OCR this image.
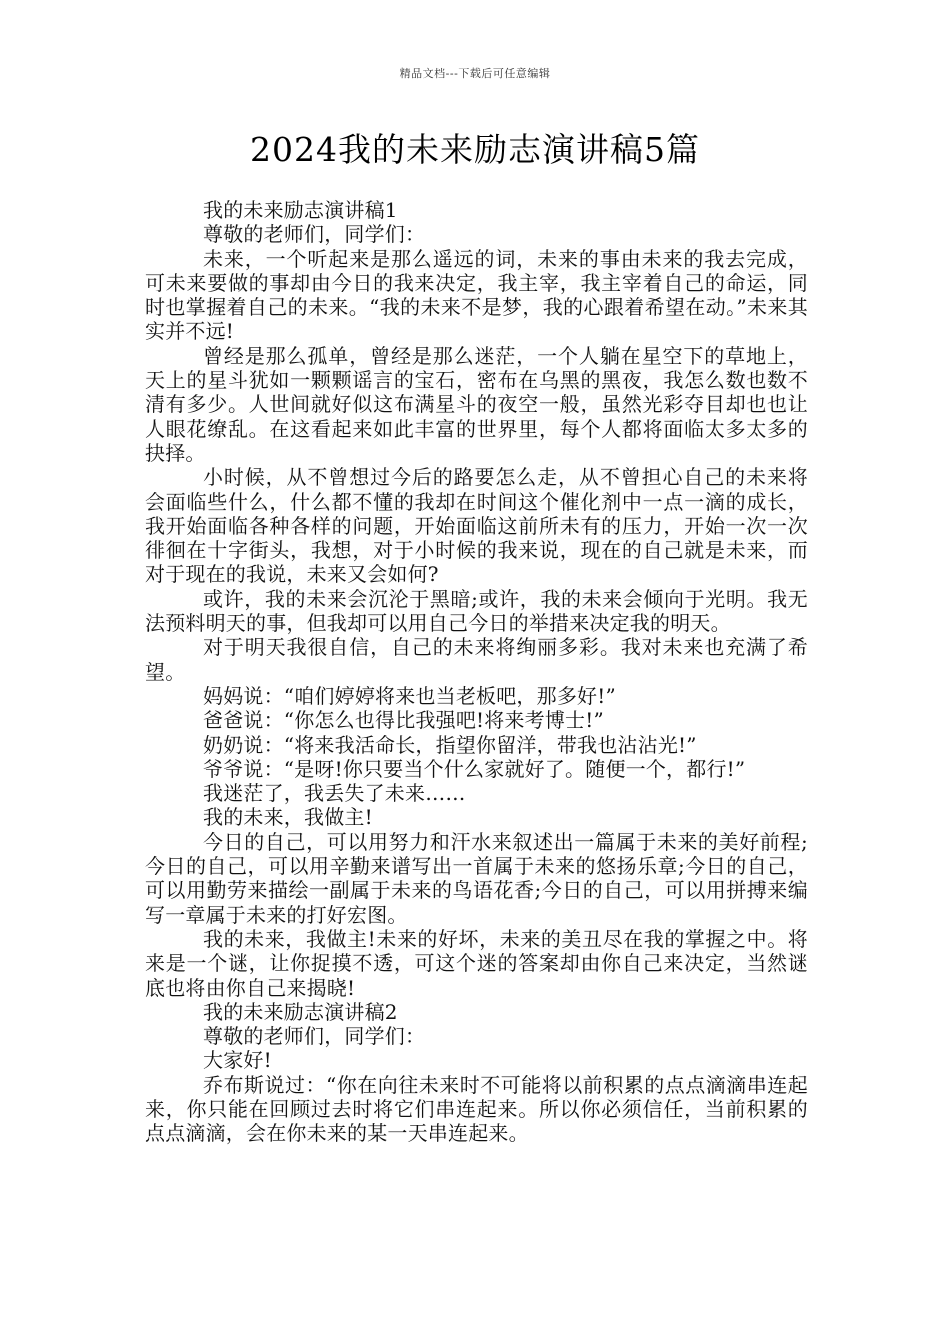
精品文档---下载后可任意编辑
2024我的未来励志演讲稿5篇

我的未来励志演讲稿1

尊敬的老师们，同学们：

未来，一个听起来是那么遥远的词，未来的事由未来的我去完成，可未来要做的事却由今日的我来决定，我主宰，我主宰着自己的命运，同时也掌握着自己的未来。“我的未来不是梦，我的心跟着希望在动。”未来其实并不远!

曾经是那么孤单，曾经是那么迷茫，一个人躺在星空下的草地上，天上的星斗犹如一颗颗谣言的宝石，密布在乌黑的黑夜，我怎么数也数不清有多少。人世间就好似这布满星斗的夜空一般，虽然光彩夺目却也也让人眼花缭乱。在这看起来如此丰富的世界里，每个人都将面临太多太多的抉择。

小时候，从不曾想过今后的路要怎么走，从不曾担心自己的未来将会面临些什么，什么都不懂的我却在时间这个催化剂中一点一滴的成长，我开始面临各种各样的问题，开始面临这前所未有的压力，开始一次一次徘徊在十字街头，我想，对于小时候的我来说，现在的自己就是未来，而对于现在的我说，未来又会如何?

或许，我的未来会沉沦于黑暗;或许，我的未来会倾向于光明。我无法预料明天的事，但我却可以用自己今日的举措来决定我的明天。

对于明天我很自信，自己的未来将绚丽多彩。我对未来也充满了希望。

妈妈说：“咱们婷婷将来也当老板吧，那多好!”

爸爸说：“你怎么也得比我强吧!将来考博士!”

奶奶说：“将来我活命长，指望你留洋，带我也沾沾光!”

爷爷说：“是呀!你只要当个什么家就好了。随便一个，都行!”

我迷茫了，我丢失了未来……

我的未来，我做主!

今日的自己，可以用努力和汗水来叙述出一篇属于未来的美好前程;今日的自己，可以用辛勤来谱写出一首属于未来的悠扬乐章;今日的自己，可以用勤劳来描绘一副属于未来的鸟语花香;今日的自己，可以用拼搏来编写一章属于未来的打好宏图。

我的未来，我做主!未来的好坏，未来的美丑尽在我的掌握之中。将来是一个谜，让你捉摸不透，可这个迷的答案却由你自己来决定，当然谜底也将由你自己来揭晓!

我的未来励志演讲稿2

尊敬的老师们，同学们：

大家好!

乔布斯说过：“你在向往未来时不可能将以前积累的点点滴滴串连起来，你只能在回顾过去时将它们串连起来。所以你必须信任，当前积累的点点滴滴，会在你未来的某一天串连起来。
